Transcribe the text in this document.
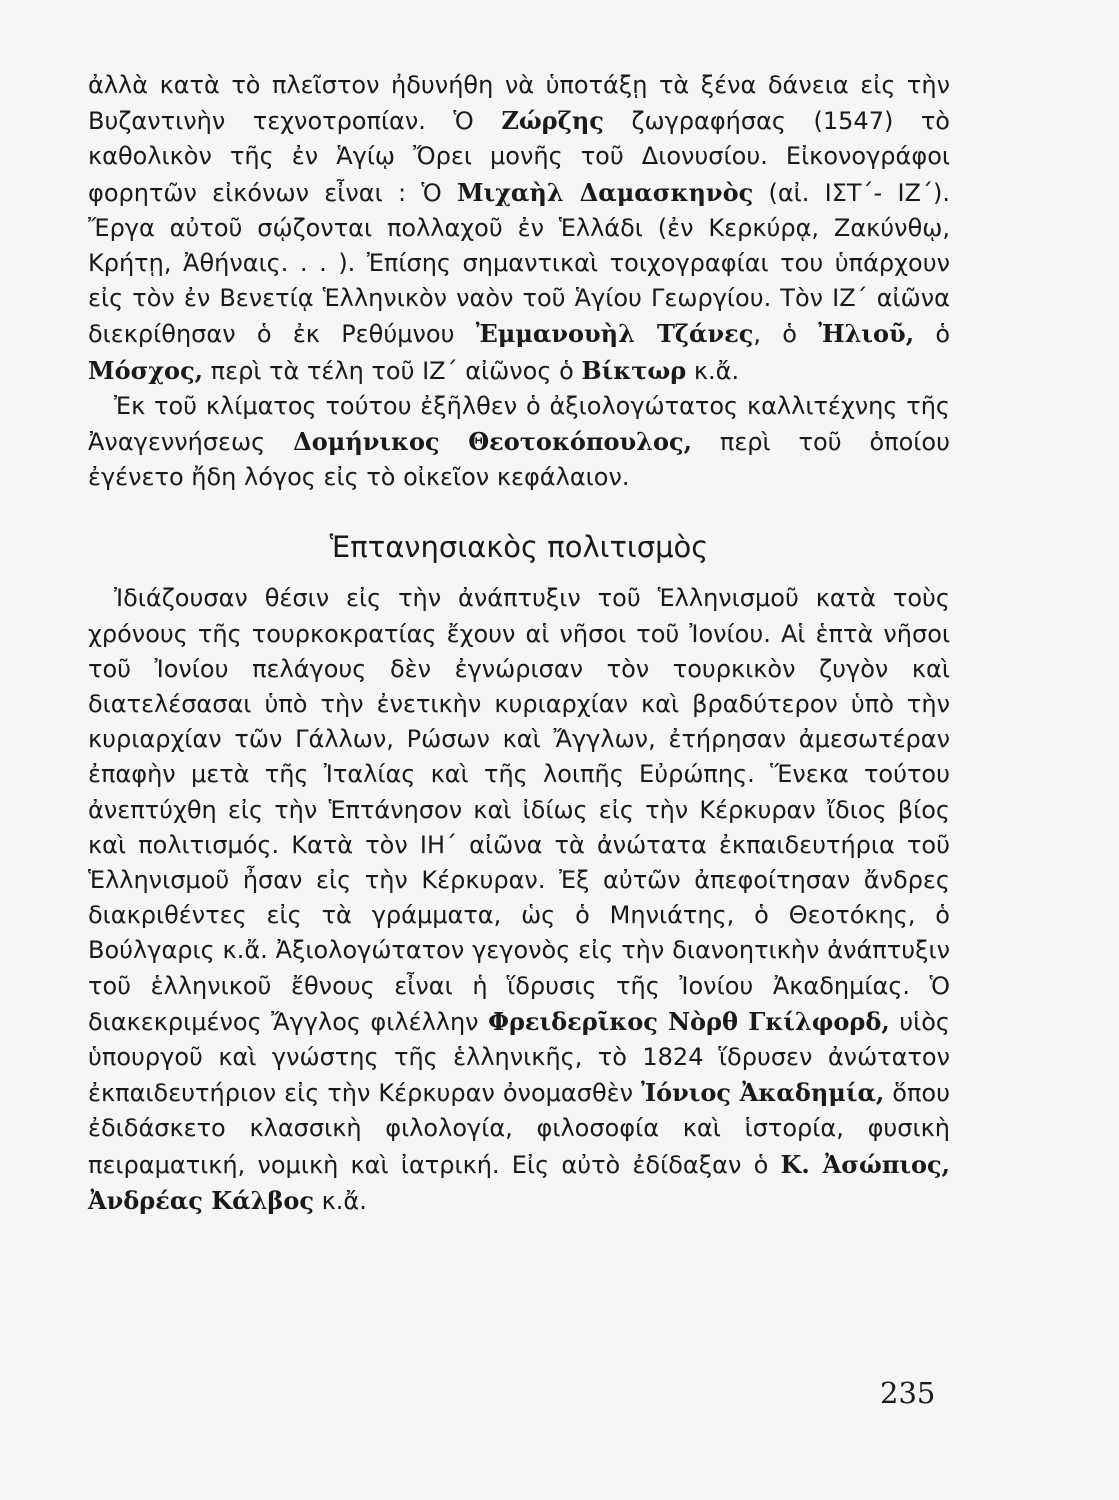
ἀλλὰ κατὰ τὸ πλεῖστον ἠδυνήθη νὰ ὑποτάξῃ τὰ ξένα δάνεια εἰς τὴν Βυζαντινὴν τεχνοτροπίαν. Ὁ Ζώρζης ζωγραφήσας (1547) τὸ καθολικὸν τῆς ἐν Ἁγίῳ Ὄρει μονῆς τοῦ Διονυσίου. Εἰκονογράφοι φορητῶν εἰκόνων εἶναι : Ὁ Μιχαὴλ Δαμασκηνὸς (αἰ. ΙΣΤ΄- ΙΖ΄). Ἔργα αὐτοῦ σῴζονται πολλαχοῦ ἐν Ἑλλάδι (ἐν Κερκύρᾳ, Ζακύνθῳ, Κρήτῃ, Ἀθήναις. . . ). Ἐπίσης σημαντικαὶ τοιχογραφίαι του ὑπάρχουν εἰς τὸν ἐν Βενετίᾳ Ἑλληνικὸν ναὸν τοῦ Ἁγίου Γεωργίου. Τὸν ΙΖ΄ αἰῶνα διεκρίθησαν ὁ ἐκ Ρεθύμνου Ἐμμανουὴλ Τζάνες, ὁ Ἠλιοῦ, ὁ Μόσχος, περὶ τὰ τέλη τοῦ ΙΖ΄ αἰῶνος ὁ Βίκτωρ κ.ἄ.

Ἐκ τοῦ κλίματος τούτου ἐξῆλθεν ὁ ἀξιολογώτατος καλλιτέχνης τῆς Ἀναγεννήσεως Δομήνικος Θεοτοκόπουλος, περὶ τοῦ ὁποίου ἐγένετο ἤδη λόγος εἰς τὸ οἰκεῖον κεφάλαιον.

Ἑπτανησιακὸς πολιτισμὸς

Ἰδιάζουσαν θέσιν εἰς τὴν ἀνάπτυξιν τοῦ Ἑλληνισμοῦ κατὰ τοὺς χρόνους τῆς τουρκοκρατίας ἔχουν αἱ νῆσοι τοῦ Ἰονίου. Αἱ ἑπτὰ νῆσοι τοῦ Ἰονίου πελάγους δὲν ἐγνώρισαν τὸν τουρκικὸν ζυγὸν καὶ διατελέσασαι ὑπὸ τὴν ἐνετικὴν κυριαρχίαν καὶ βραδύτερον ὑπὸ τὴν κυριαρχίαν τῶν Γάλλων, Ρώσων καὶ Ἄγγλων, ἐτήρησαν ἀμεσωτέραν ἐπαφὴν μετὰ τῆς Ἰταλίας καὶ τῆς λοιπῆς Εὐρώπης. Ἕνεκα τούτου ἀνεπτύχθη εἰς τὴν Ἑπτάνησον καὶ ἰδίως εἰς τὴν Κέρκυραν ἴδιος βίος καὶ πολιτισμός. Κατὰ τὸν ΙΗ΄ αἰῶνα τὰ ἀνώτατα ἐκπαιδευτήρια τοῦ Ἑλληνισμοῦ ἦσαν εἰς τὴν Κέρκυραν. Ἐξ αὐτῶν ἀπεφοίτησαν ἄνδρες διακριθέντες εἰς τὰ γράμματα, ὡς ὁ Μηνιάτης, ὁ Θεοτόκης, ὁ Βούλγαρις κ.ἄ. Ἀξιολογώτατον γεγονὸς εἰς τὴν διανοητικὴν ἀνάπτυξιν τοῦ ἑλληνικοῦ ἔθνους εἶναι ἡ ἵδρυσις τῆς Ἰονίου Ἀκαδημίας. Ὁ διακεκριμένος Ἄγγλος φιλέλλην Φρειδερῖκος Νὸρθ Γκίλφορδ, υἱὸς ὑπουργοῦ καὶ γνώστης τῆς ἑλληνικῆς, τὸ 1824 ἵδρυσεν ἀνώτατον ἐκπαιδευτήριον εἰς τὴν Κέρκυραν ὀνομασθὲν Ἰόνιος Ἀκαδημία, ὅπου ἐδιδάσκετο κλασσικὴ φιλολογία, φιλοσοφία καὶ ἱστορία, φυσικὴ πειραματική, νομικὴ καὶ ἰατρική. Εἰς αὐτὸ ἐδίδαξαν ὁ Κ. Ἀσώπιος, Ἀνδρέας Κάλβος κ.ἄ.

235
